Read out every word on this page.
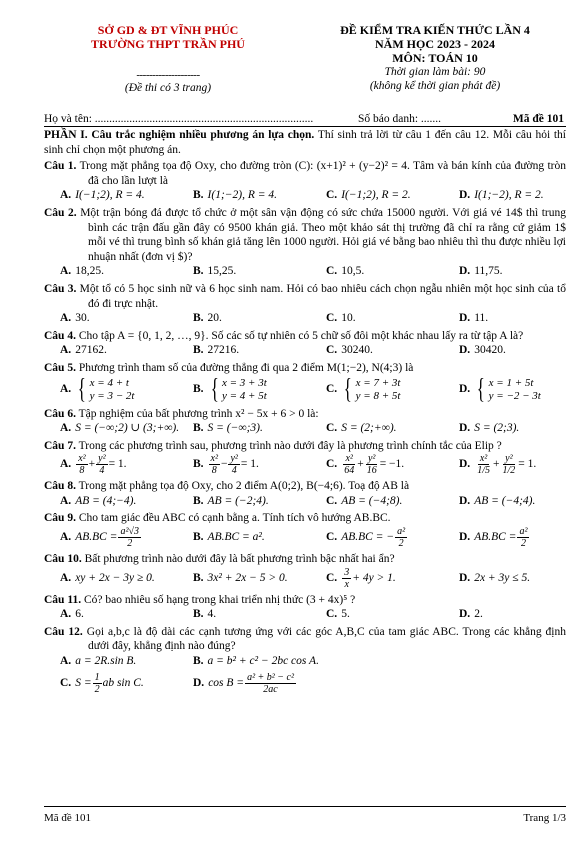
SỞ GD & ĐT VĨNH PHÚC
TRƯỜNG THPT TRẦN PHÚ
--------------------
(Đề thi có 3 trang)
ĐỀ KIỂM TRA KIẾN THỨC LẦN 4
NĂM HỌC 2023 - 2024
MÔN: TOÁN 10
Thời gian làm bài: 90
(không kể thời gian phát đề)
Họ và tên: ............................................................................	Số báo danh: .......	Mã đề 101

PHẦN I. Câu trắc nghiệm nhiều phương án lựa chọn. Thí sinh trả lời từ câu 1 đến câu 12. Mỗi câu hỏi thí sinh chỉ chọn một phương án.

Câu 1. Trong mặt phẳng tọa độ Oxy, cho đường tròn (C): (x+1)² + (y−2)² = 4. Tâm và bán kính của đường tròn đã cho lần lượt là
A. I(−1;2), R = 4.	B. I(1;−2), R = 4.	C. I(−1;2), R = 2.	D. I(1;−2), R = 2.
Câu 2. Một trận bóng đá được tổ chức ở một sân vận động có sức chứa 15000 người. Với giá vé 14$ thì trung bình các trận đấu gần đây có 9500 khán giả. Theo một khảo sát thị trường đã chỉ ra rằng cứ giảm 1$ mỗi vé thì trung bình số khán giả tăng lên 1000 người. Hỏi giá vé bằng bao nhiêu thì thu được nhiều lợi nhuận nhất (đơn vị $)?
A. 18,25.	B. 15,25.	C. 10,5.	D. 11,75.
Câu 3. Một tổ có 5 học sinh nữ và 6 học sinh nam. Hỏi có bao nhiêu cách chọn ngẫu nhiên một học sinh của tổ đó đi trực nhật.
A. 30.	B. 20.	C. 10.	D. 11.
Câu 4. Cho tập A = {0, 1, 2, …, 9}. Số các số tự nhiên có 5 chữ số đôi một khác nhau lấy ra từ tập A là?
A. 27162.	B. 27216.	C. 30240.	D. 30420.
Câu 5. Phương trình tham số của đường thẳng đi qua 2 điểm M(1;−2), N(4;3) là
A. { x = 4 + t
y = 3 − 2t
B. { x = 3 + 3t
y = 4 + 5t
C. { x = 7 + 3t
y = 8 + 5t
D. { x = 1 + 5t
y = −2 − 3t
Câu 6. Tập nghiệm của bất phương trình x² − 5x + 6 > 0 là:
A. S = (−∞;2) ∪ (3;+∞). B. S = (−∞;3).	C. S = (2;+∞).	D. S = (2;3).
Câu 7. Trong các phương trình sau, phương trình nào dưới đây là phương trình chính tắc của Elip ?
A. $\frac{\text{x²}}{8} + \frac{\text{y²}}{4} = 1$.	B. $\frac{\text{x²}}{8} - \frac{\text{y²}}{4} = 1$.	C. $\frac{\text{x²}}{64} + \frac{\text{y²}}{16} = -1$.	D. $\frac{\text{x²}}{1/5} + \frac{\text{y²}}{1/2} = 1$.
Câu 8. Trong mặt phẳng tọa độ Oxy, cho 2 điểm A(0;2), B(−4;6). Toạ độ AB là
A. AB = (4;−4).	B. AB = (−2;4).	C. AB = (−4;8).	D. AB = (−4;4).
Câu 9. Cho tam giác đều ABC có cạnh bằng a. Tính tích vô hướng AB.BC.
A. $AB.BC = \frac{\text{a²√3}}{2}$	B. AB.BC = a².	C. AB.BC = − $\frac{\text{a²}}{2}$	D. $AB.BC = \frac{\text{a²}}{2}$
Câu 10. Bất phương trình nào dưới đây là bất phương trình bậc nhất hai ẩn?
A. xy + 2x − 3y ≥ 0.	B. 3x² + 2x − 5 > 0.	C. $\frac{3}{x} + 4y > 1$.	D. 2x + 3y ≤ 5.
Câu 11. Có? bao nhiêu số hạng trong khai triển nhị thức (3 + 4x)⁵ ?
A. 6.	B. 4.	C. 5.	D. 2.
Câu 12. Gọi a,b,c là độ dài các cạnh tương ứng với các góc A,B,C của tam giác ABC. Trong các khẳng định dưới đây, khẳng định nào đúng?
A. a = 2R.sin B.	B. a = b² + c² − 2bc cos A.
C. $S = \frac{1}{2}$ ab sin C.	D. $\cos B = \frac{\text{a² + b² − c²}}{2ac}$
Mã đề 101	Trang 1/3
